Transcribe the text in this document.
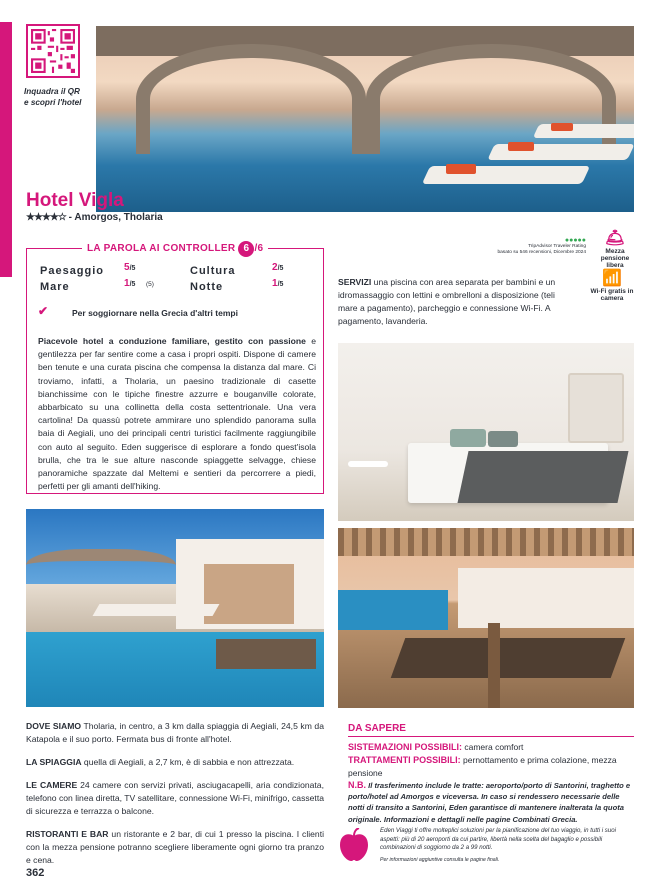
Inquadra il QR
e scopri l'hotel
Hotel Vigla
★★★★☆ - Amorgos, Tholaria
LA PAROLA AI CONTROLLER 6 /6
Paesaggio 5/5	Cultura	2/5
Mare	1/5 (5)	Notte	1/5
✔	Per soggiornare nella Grecia d'altri tempi
Piacevole hotel a conduzione familiare, gestito con passione e gentilezza per far sentire come a casa i propri ospiti. Dispone di camere ben tenute e una curata piscina che compensa la distanza dal mare. Ci troviamo, infatti, a Tholaria, un paesino tradizionale di casette bianchissime con le tipiche finestre azzurre e bouganville colorate, abbarbicato su una collinetta della costa settentrionale. Una vera cartolina! Da quassù potrete ammirare uno splendido panorama sulla baia di Aegiali, uno dei principali centri turistici facilmente raggiungibile con auto al seguito. Eden suggerisce di esplorare a fondo quest'isola brulla, che tra le sue alture nasconde spiaggette selvagge, chiese panoramiche spazzate dal Meltemi e sentieri da percorrere a piedi, perfetti per gli amanti dell'hiking.
●●●●●
TripAdvisor Traveler Rating
basato su 546 recensioni, Dicembre 2024
🛎
Mezza pensione libera
📶
Wi-Fi gratis in camera
SERVIZI una piscina con area separata per bambini e un idromassaggio con lettini e ombrelloni a disposizione (teli mare a pagamento), parcheggio e connessione Wi-Fi. A pagamento, lavanderia.

DOVE SIAMO Tholaria, in centro, a 3 km dalla spiaggia di Aegiali, 24,5 km da Katapola e il suo porto. Fermata bus di fronte all'hotel.

LA SPIAGGIA quella di Aegiali, a 2,7 km, è di sabbia e non attrezzata.

LE CAMERE 24 camere con servizi privati, asciugacapelli, aria condizionata, telefono con linea diretta, TV satellitare, connessione Wi-Fi, minifrigo, cassetta di sicurezza e terrazza o balcone.

RISTORANTI E BAR un ristorante e 2 bar, di cui 1 presso la piscina. I clienti con la mezza pensione potranno scegliere liberamente ogni giorno tra pranzo e cena.

DA SAPERE
SISTEMAZIONI POSSIBILI: camera comfort
TRATTAMENTI POSSIBILI: pernottamento e prima colazione, mezza pensione
N.B. Il trasferimento include le tratte: aeroporto/porto di Santorini, traghetto e porto/hotel ad Amorgos e viceversa. In caso si rendessero necessarie delle notti di transito a Santorini, Eden garantisce di mantenere inalterata la quota originale. Informazioni e dettagli nelle pagine Combinati Grecia.
Eden Viaggi ti offre molteplici soluzioni per la pianificazione del tuo viaggio, in tutti i suoi aspetti: più di 20 aeroporti da cui partire, libertà nella scelta del bagaglio e possibili combinazioni di soggiorno da 2 a 99 notti.
Per informazioni aggiuntive consulta le pagine finali.
362
